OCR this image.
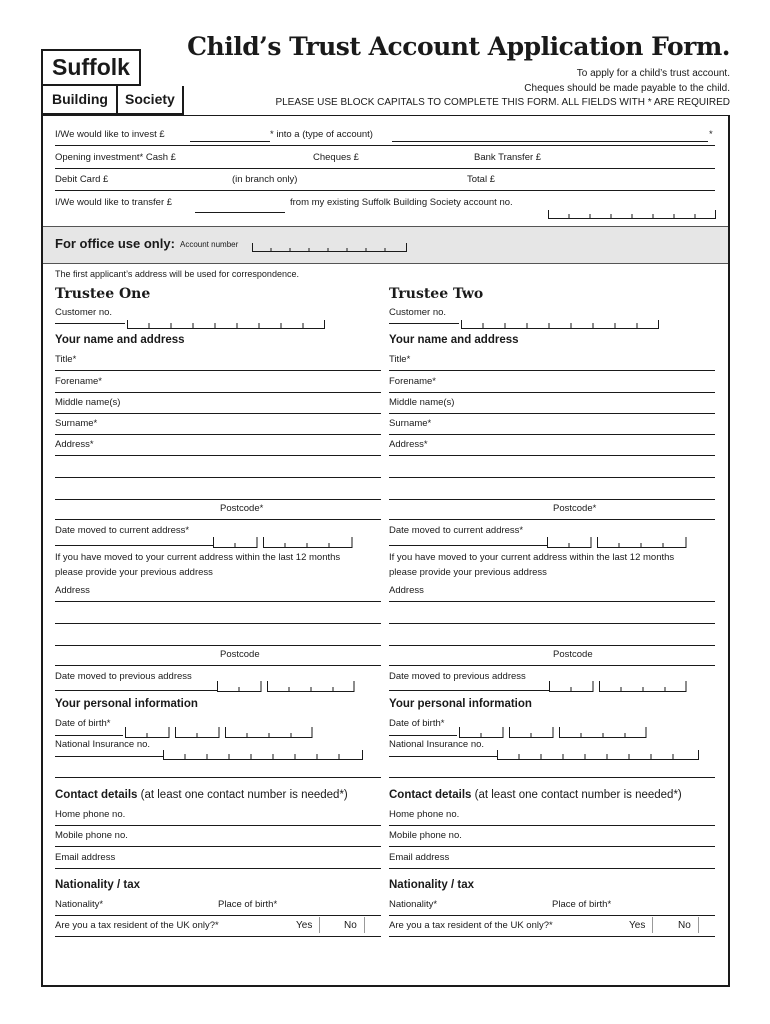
Suffolk
Building	Society
Child’s Trust Account Application Form.
To apply for a child’s trust account.
Cheques should be made payable to the child.
PLEASE USE BLOCK CAPITALS TO COMPLETE THIS FORM. ALL FIELDS WITH * ARE REQUIRED
I/We would like to invest £	* into a (type of account)	*
Opening investment* Cash £	Cheques £	Bank Transfer £
Debit Card £	(in branch only)	Total £
I/We would like to transfer £	from my existing Suffolk Building Society account no.
For office use only: Account number
The first applicant’s address will be used for correspondence.
Trustee One
Customer no.
Your name and address
Title*
Forename*
Middle name(s)
Surname*
Address*
Postcode*
Date moved to current address*
If you have moved to your current address within the last 12 months
please provide your previous address
Address
Postcode
Date moved to previous address
Your personal information
Date of birth*
National Insurance no.
Contact details (at least one contact number is needed*)
Home phone no.
Mobile phone no.
Email address
Nationality / tax
Nationality*	Place of birth*
Are you a tax resident of the UK only?*	Yes	No
Trustee Two
Customer no.
Your name and address
Title*
Forename*
Middle name(s)
Surname*
Address*
Postcode*
Date moved to current address*
If you have moved to your current address within the last 12 months
please provide your previous address
Address
Postcode
Date moved to previous address
Your personal information
Date of birth*
National Insurance no.
Contact details (at least one contact number is needed*)
Home phone no.
Mobile phone no.
Email address
Nationality / tax
Nationality*	Place of birth*
Are you a tax resident of the UK only?*	Yes	No
